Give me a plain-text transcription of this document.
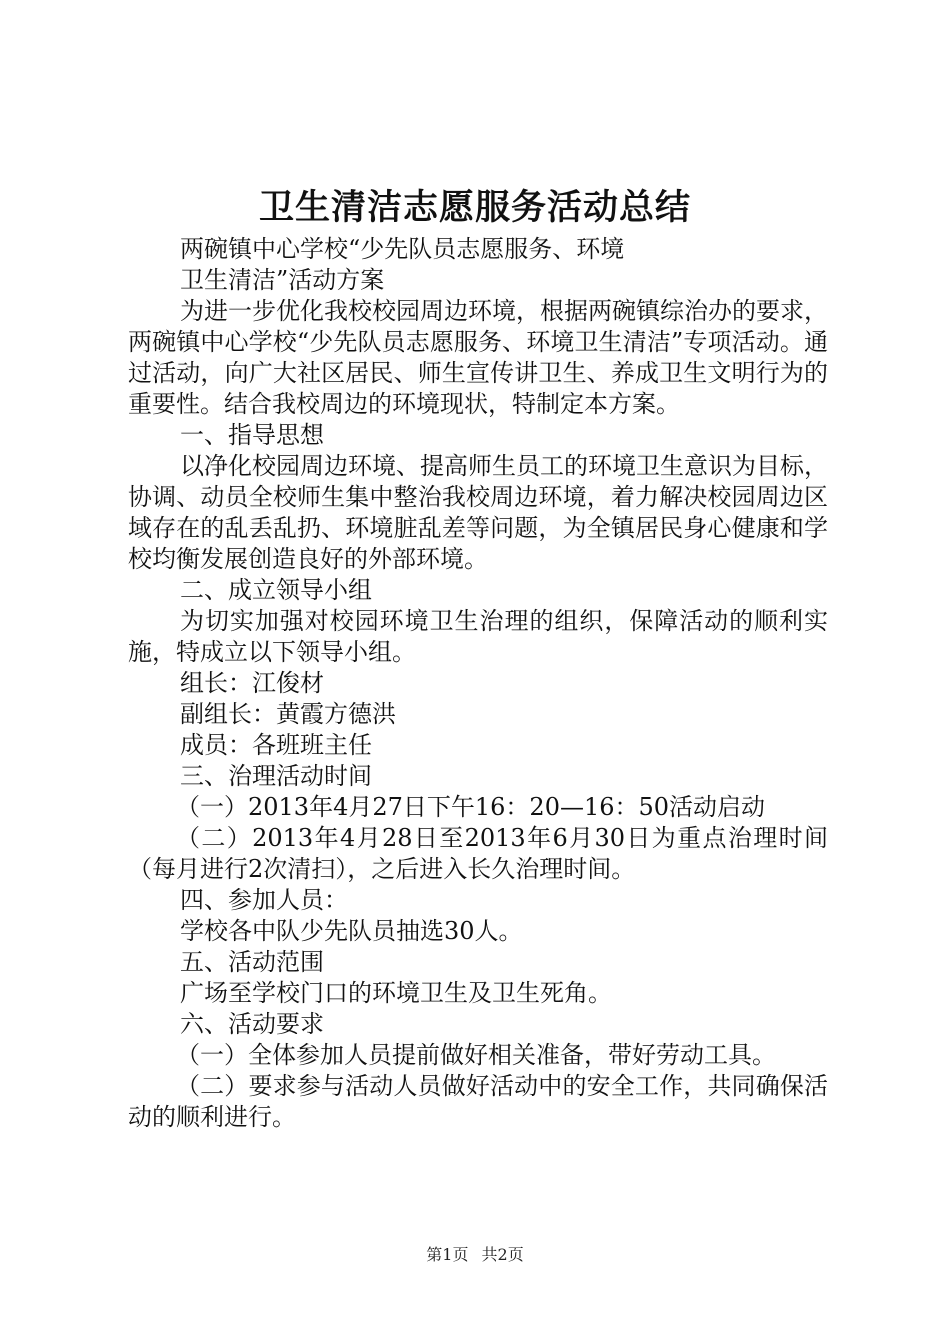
卫生清洁志愿服务活动总结

两碗镇中心学校“少先队员志愿服务、环境

卫生清洁”活动方案

为进一步优化我校校园周边环境，根据两碗镇综治办的要求，两碗镇中心学校“少先队员志愿服务、环境卫生清洁”专项活动。通过活动，向广大社区居民、师生宣传讲卫生、养成卫生文明行为的重要性。结合我校周边的环境现状，特制定本方案。

一、指导思想

以净化校园周边环境、提高师生员工的环境卫生意识为目标，协调、动员全校师生集中整治我校周边环境，着力解决校园周边区域存在的乱丢乱扔、环境脏乱差等问题，为全镇居民身心健康和学校均衡发展创造良好的外部环境。

二、成立领导小组

为切实加强对校园环境卫生治理的组织，保障活动的顺利实施，特成立以下领导小组。

组长：江俊材

副组长：黄霞方德洪

成员：各班班主任

三、治理活动时间

（一）2013年4月27日下午16：20—16：50活动启动

（二）2013年4月28日至2013年6月30日为重点治理时间（每月进行2次清扫），之后进入长久治理时间。

四、参加人员：

学校各中队少先队员抽选30人。

五、活动范围

广场至学校门口的环境卫生及卫生死角。

六、活动要求

（一）全体参加人员提前做好相关准备，带好劳动工具。

（二）要求参与活动人员做好活动中的安全工作，共同确保活动的顺利进行。

第1页 共2页
